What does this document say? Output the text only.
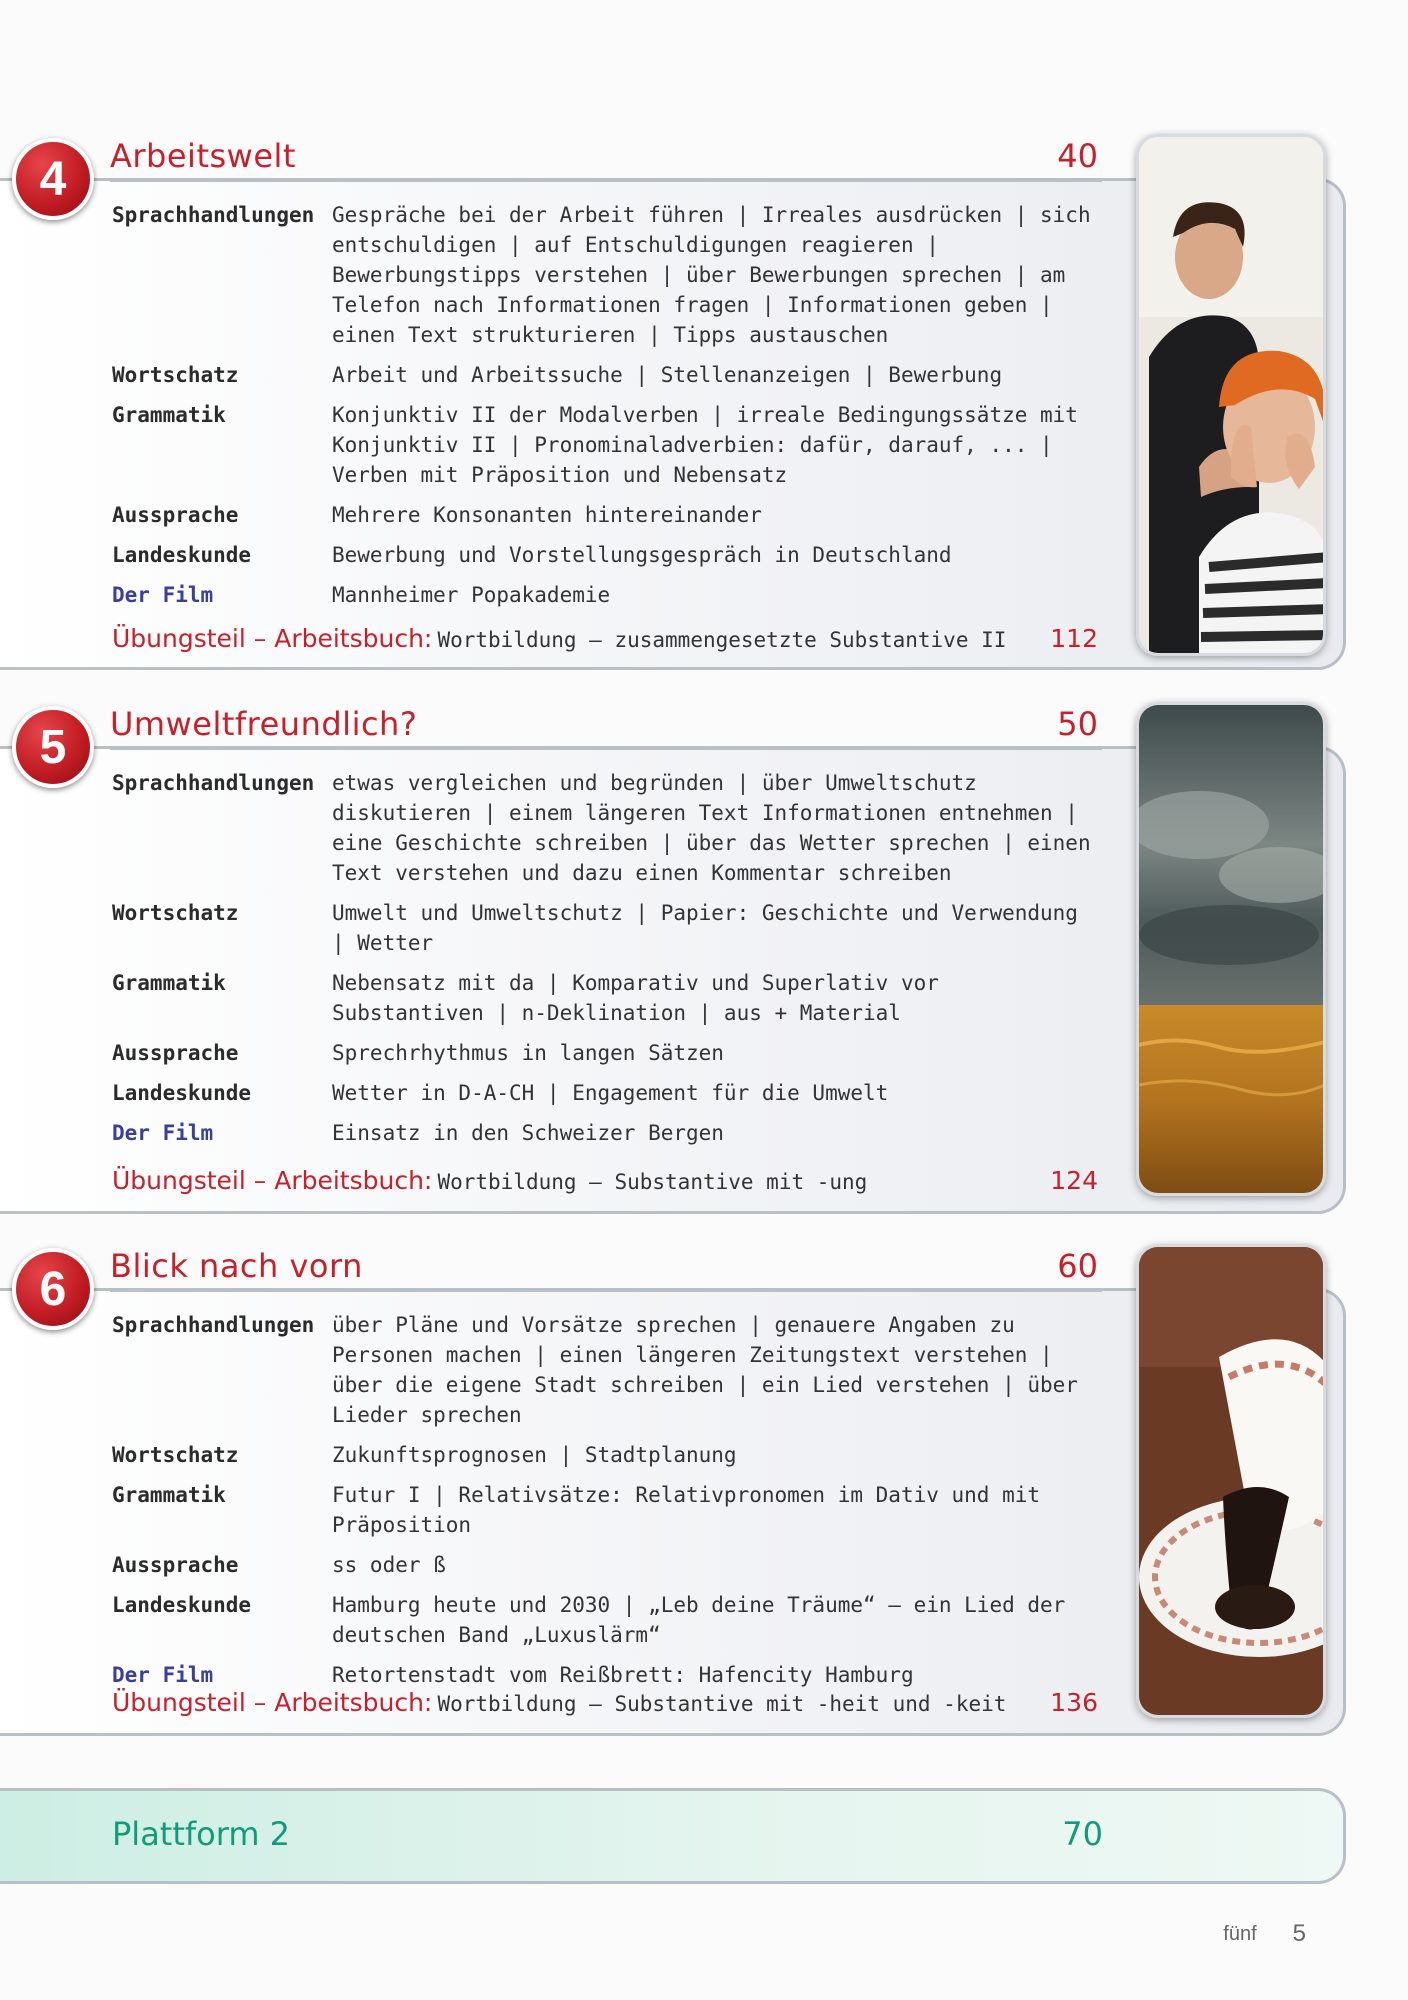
4	Arbeitswelt	40
Sprachhandlungen Gespräche bei der Arbeit führen | Irreales ausdrücken | sich entschuldigen | auf Entschuldigungen reagieren | Bewerbungstipps verstehen | über Bewerbungen sprechen | am Telefon nach Informationen fragen | Informationen geben | einen Text strukturieren | Tipps austauschen
Wortschatz	Arbeit und Arbeitssuche | Stellenanzeigen | Bewerbung
Grammatik	Konjunktiv II der Modalverben | irreale Bedingungssätze mit Konjunktiv II | Pronominaladverbien: dafür, darauf, ... | Verben mit Präposition und Nebensatz
Aussprache	Mehrere Konsonanten hintereinander
Landeskunde	Bewerbung und Vorstellungsgespräch in Deutschland
Der Film	Mannheimer Popakademie
Übungsteil – Arbeitsbuch: Wortbildung – zusammengesetzte Substantive II	112
5	Umweltfreundlich?	50
Sprachhandlungen etwas vergleichen und begründen | über Umweltschutz diskutieren | einem längeren Text Informationen entnehmen | eine Geschichte schreiben | über das Wetter sprechen | einen Text verstehen und dazu einen Kommentar schreiben
Wortschatz	Umwelt und Umweltschutz | Papier: Geschichte und Verwendung | Wetter
Grammatik	Nebensatz mit da | Komparativ und Superlativ vor Substantiven | n-Deklination | aus + Material
Aussprache	Sprechrhythmus in langen Sätzen
Landeskunde	Wetter in D-A-CH | Engagement für die Umwelt
Der Film	Einsatz in den Schweizer Bergen
Übungsteil – Arbeitsbuch: Wortbildung – Substantive mit -ung	124
6	Blick nach vorn	60
Sprachhandlungen über Pläne und Vorsätze sprechen | genauere Angaben zu Personen machen | einen längeren Zeitungstext verstehen | über die eigene Stadt schreiben | ein Lied verstehen | über Lieder sprechen
Wortschatz	Zukunftsprognosen | Stadtplanung
Grammatik	Futur I | Relativsätze: Relativpronomen im Dativ und mit Präposition
Aussprache	ss oder ß
Landeskunde	Hamburg heute und 2030 | „Leb deine Träume“ – ein Lied der deutschen Band „Luxuslärm“
Der Film	Retortenstadt vom Reißbrett: Hafencity Hamburg
Übungsteil – Arbeitsbuch: Wortbildung – Substantive mit -heit und -keit	136
Plattform 2	70
fünf 5
